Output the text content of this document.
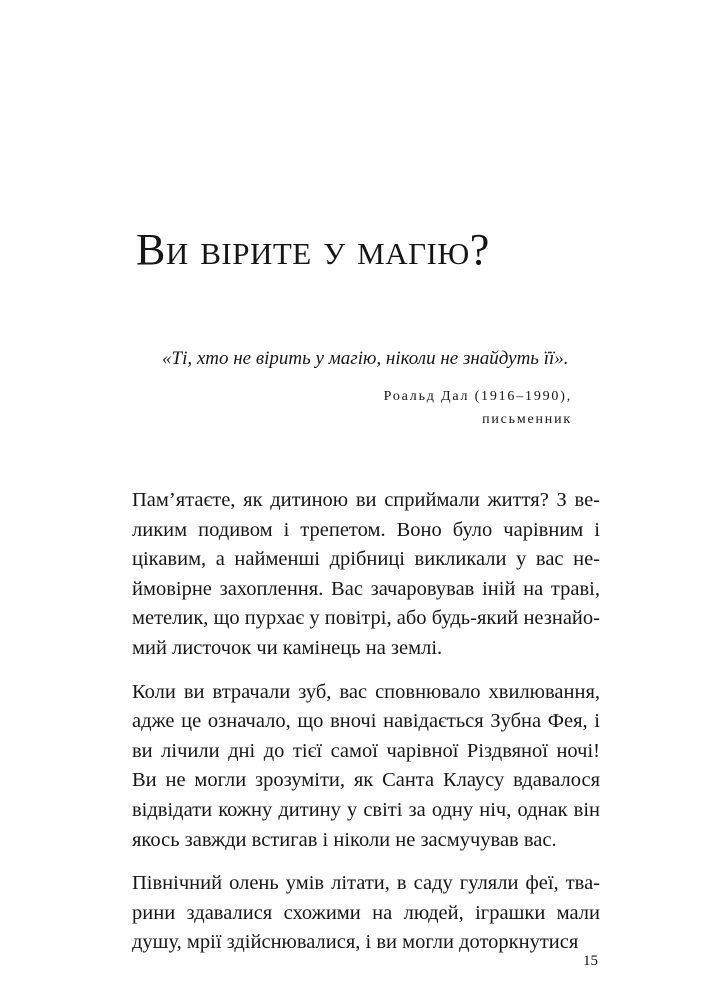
Ви вірите у магію?

«Ті, хто не вірить у магію, ніколи не знайдуть її».

Роальд Дал (1916–1990),
письменник

Пам’ятаєте, як дитиною ви сприймали життя? З великим подивом і трепетом. Воно було чарівним і цікавим, а найменші дрібниці викликали у вас неймовірне захоплення. Вас зачаровував іній на траві, метелик, що пурхає у повітрі, або будь-який незнайомий листочок чи камінець на землі.

Коли ви втрачали зуб, вас сповнювало хвилювання, адже це означало, що вночі навідається Зубна Фея, і ви лічили дні до тієї самої чарівної Різдвяної ночі! Ви не могли зрозуміти, як Санта Клаусу вдавалося відвідати кожну дитину у світі за одну ніч, однак він якось завжди встигав і ніколи не засмучував вас.

Північний олень умів літати, в саду гуляли феї, тварини здавалися схожими на людей, іграшки мали душу, мрії здійснювалися, і ви могли доторкнутися

15
